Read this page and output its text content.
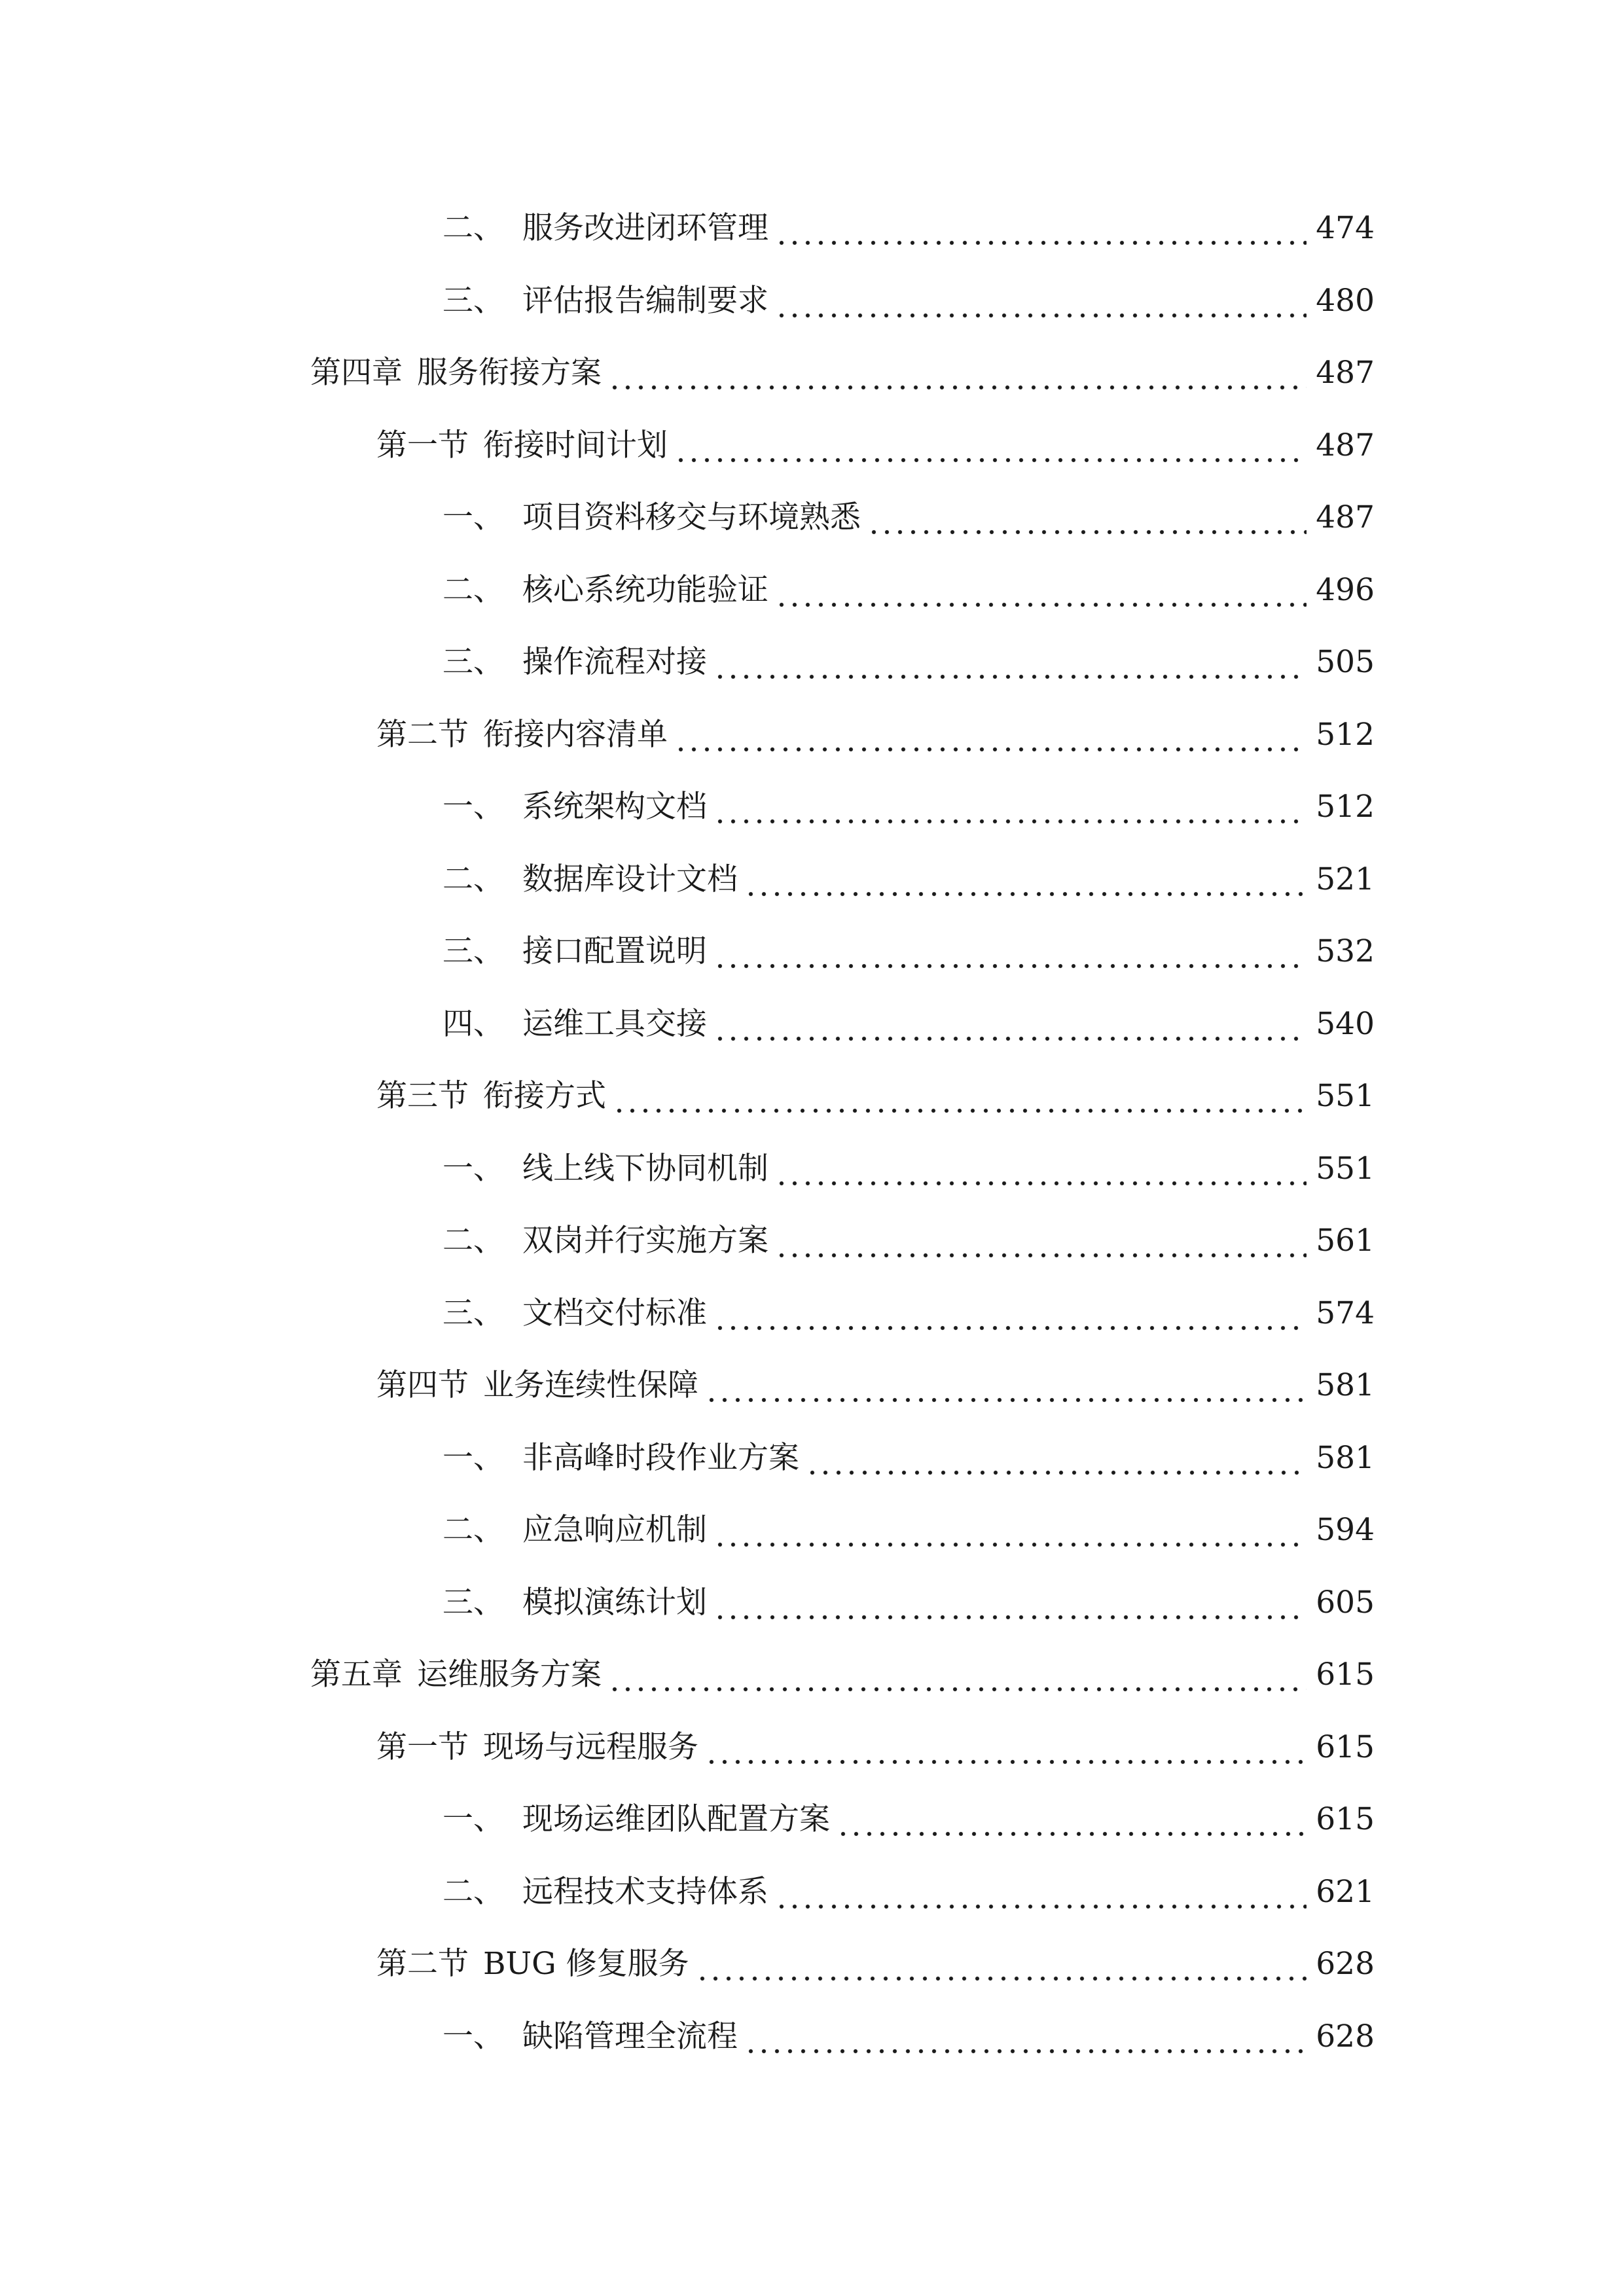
二、 服务改进闭环管理	474
三、 评估报告编制要求	480
第四章 服务衔接方案	487
第一节 衔接时间计划	487
一、 项目资料移交与环境熟悉	487
二、 核心系统功能验证	496
三、 操作流程对接	505
第二节 衔接内容清单	512
一、 系统架构文档	512
二、 数据库设计文档	521
三、 接口配置说明	532
四、 运维工具交接	540
第三节 衔接方式	551
一、 线上线下协同机制	551
二、 双岗并行实施方案	561
三、 文档交付标准	574
第四节 业务连续性保障	581
一、 非高峰时段作业方案	581
二、 应急响应机制	594
三、 模拟演练计划	605
第五章 运维服务方案	615
第一节 现场与远程服务	615
一、 现场运维团队配置方案	615
二、 远程技术支持体系	621
第二节 BUG 修复服务	628
一、 缺陷管理全流程	628
